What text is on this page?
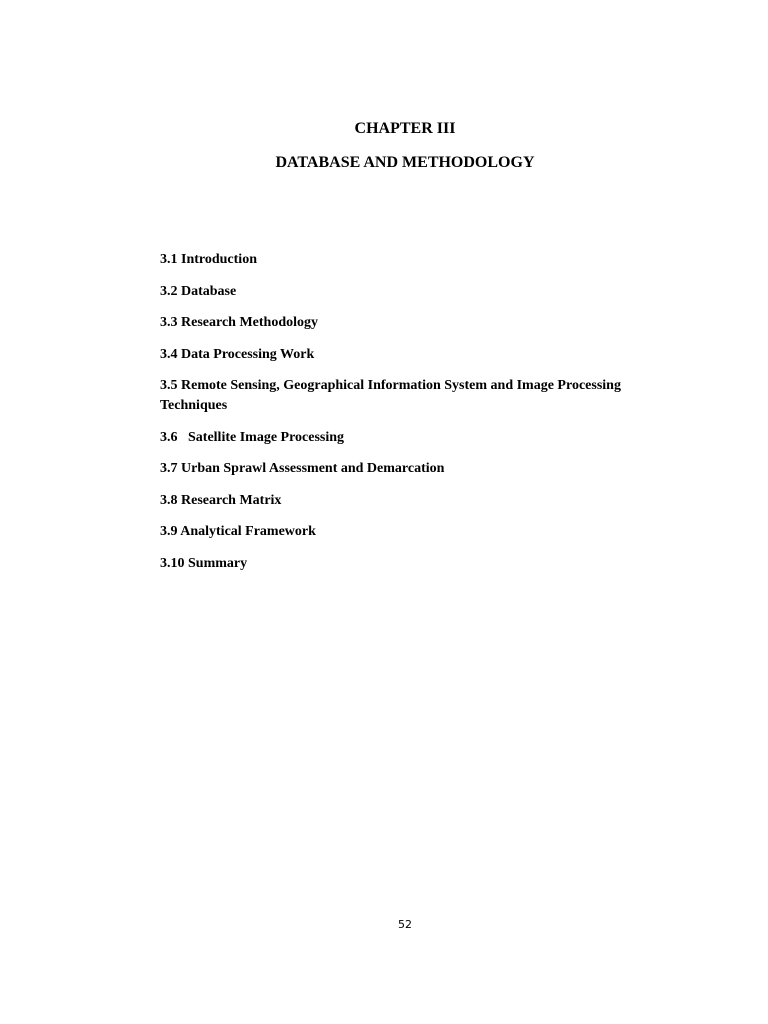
CHAPTER III
DATABASE AND METHODOLOGY
3.1 Introduction
3.2 Database
3.3 Research Methodology
3.4 Data Processing Work
3.5 Remote Sensing, Geographical Information System and Image Processing Techniques
3.6   Satellite Image Processing
3.7 Urban Sprawl Assessment and Demarcation
3.8 Research Matrix
3.9 Analytical Framework
3.10 Summary
52
